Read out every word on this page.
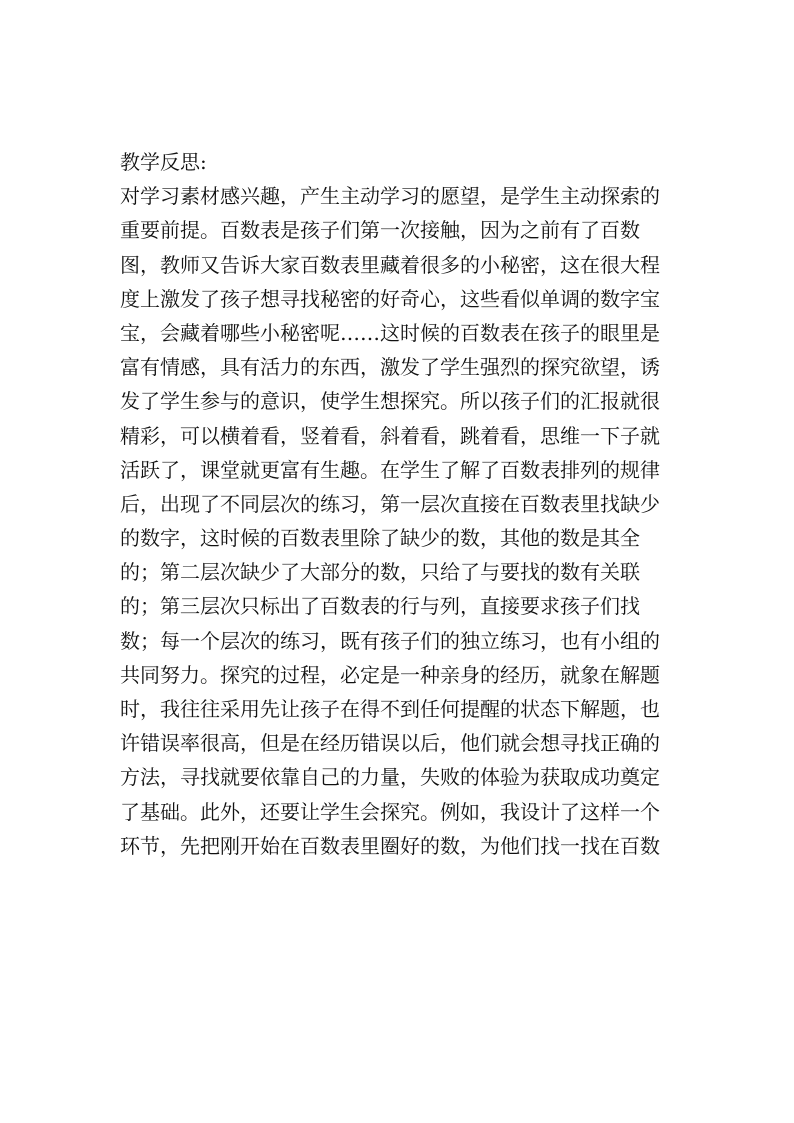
教学反思:
对学习素材感兴趣，产生主动学习的愿望，是学生主动探索的
重要前提。百数表是孩子们第一次接触，因为之前有了百数
图，教师又告诉大家百数表里藏着很多的小秘密，这在很大程
度上激发了孩子想寻找秘密的好奇心，这些看似单调的数字宝
宝，会藏着哪些小秘密呢……这时候的百数表在孩子的眼里是
富有情感，具有活力的东西，激发了学生强烈的探究欲望，诱
发了学生参与的意识，使学生想探究。所以孩子们的汇报就很
精彩，可以横着看，竖着看，斜着看，跳着看，思维一下子就
活跃了，课堂就更富有生趣。在学生了解了百数表排列的规律
后，出现了不同层次的练习，第一层次直接在百数表里找缺少
的数字，这时候的百数表里除了缺少的数，其他的数是其全
的；第二层次缺少了大部分的数，只给了与要找的数有关联
的；第三层次只标出了百数表的行与列，直接要求孩子们找
数；每一个层次的练习，既有孩子们的独立练习，也有小组的
共同努力。探究的过程，必定是一种亲身的经历，就象在解题
时，我往往采用先让孩子在得不到任何提醒的状态下解题，也
许错误率很高，但是在经历错误以后，他们就会想寻找正确的
方法，寻找就要依靠自己的力量，失败的体验为获取成功奠定
了基础。此外，还要让学生会探究。例如，我设计了这样一个
环节，先把刚开始在百数表里圈好的数，为他们找一找在百数
